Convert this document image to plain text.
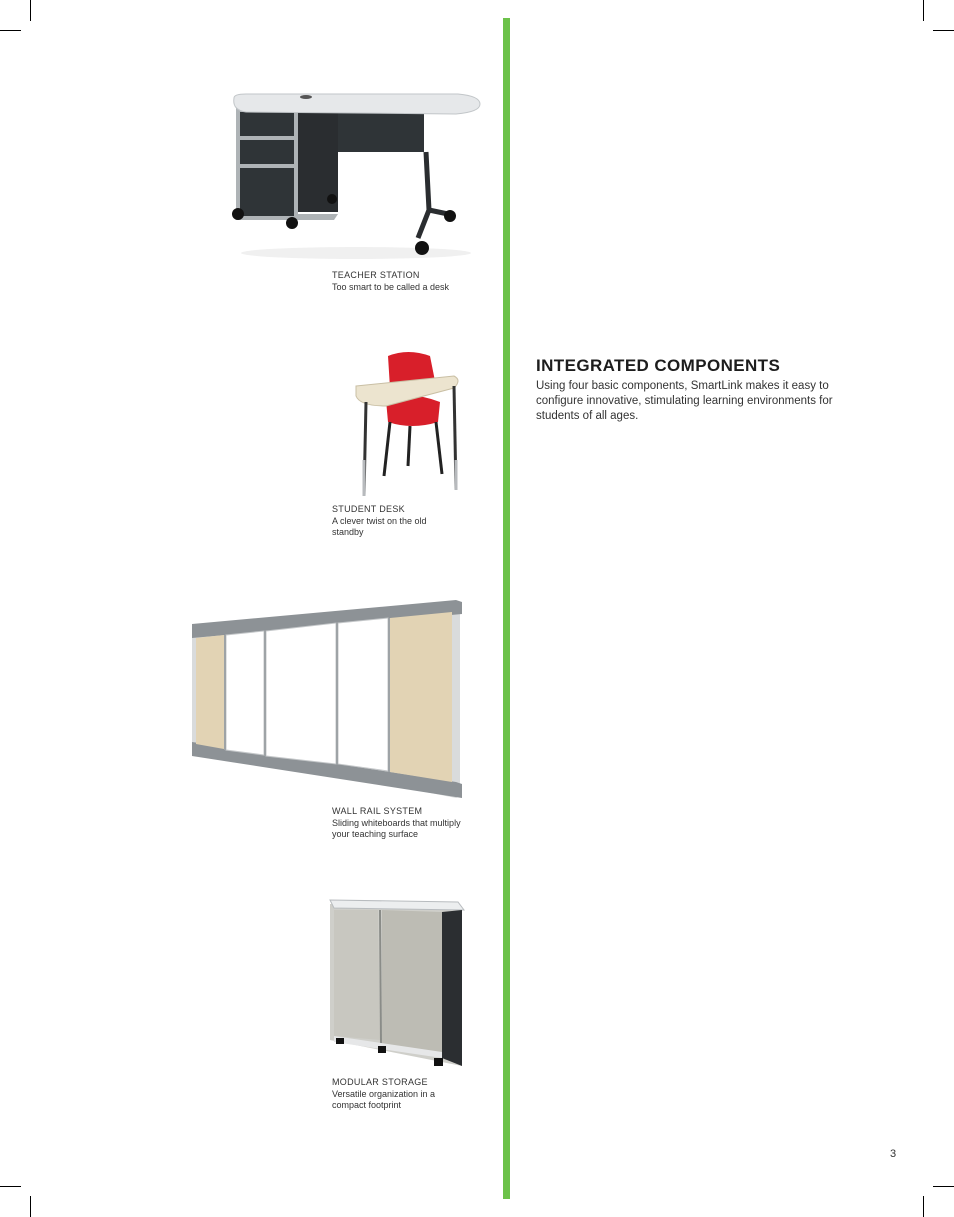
TEACHER STATION
Too smart to be called a desk
STUDENT DESK
A clever twist on the old standby
WALL RAIL SYSTEM
Sliding whiteboards that multiply your teaching surface
MODULAR STORAGE
Versatile organization in a compact footprint
INTEGRATED COMPONENTS
Using four basic components, SmartLink makes it easy to configure innovative, stimulating learning environments for students of all ages.
3
